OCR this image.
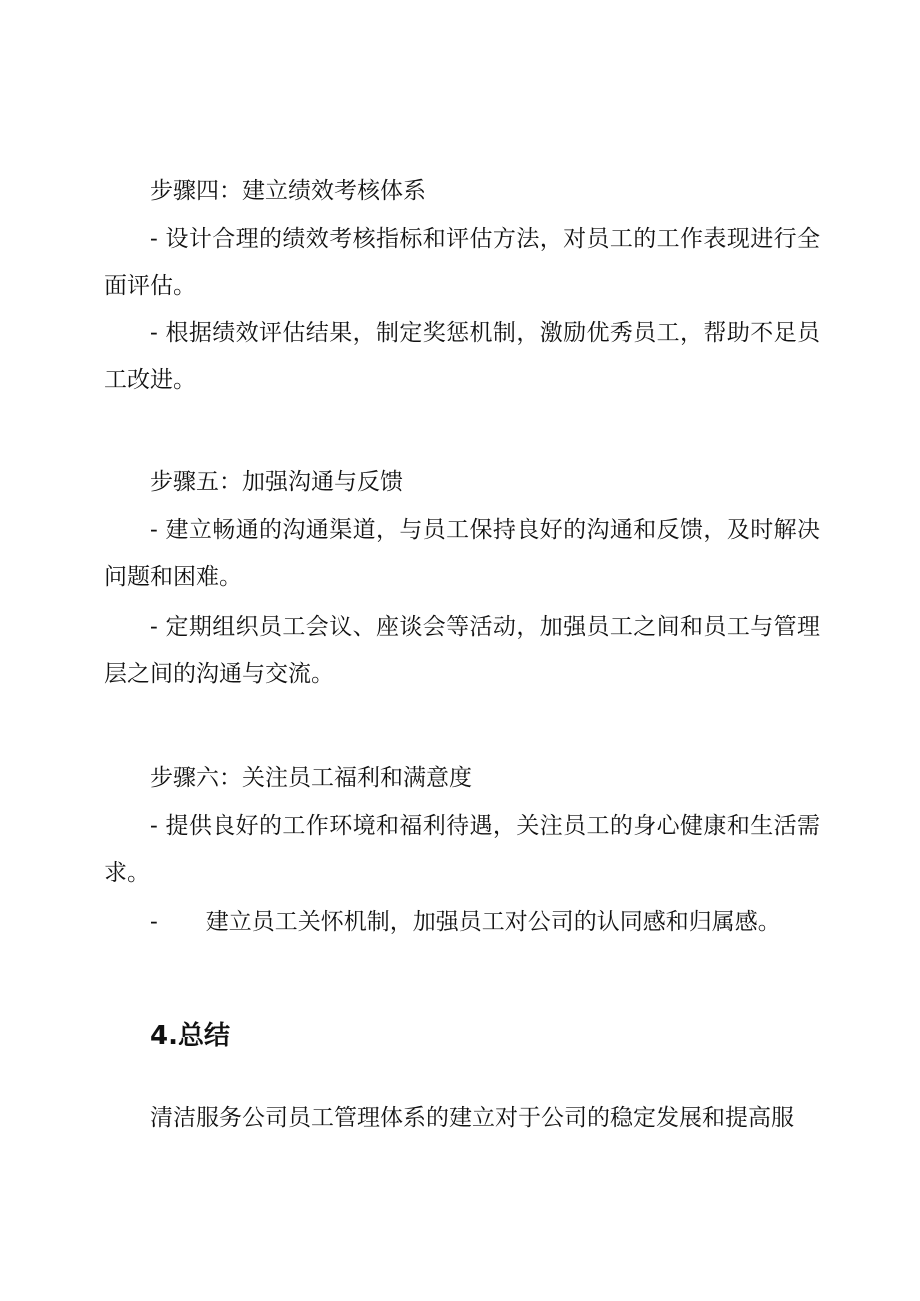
步骤四：建立绩效考核体系

- 设计合理的绩效考核指标和评估方法，对员工的工作表现进行全面评估。

- 根据绩效评估结果，制定奖惩机制，激励优秀员工，帮助不足员工改进。

步骤五：加强沟通与反馈

- 建立畅通的沟通渠道，与员工保持良好的沟通和反馈，及时解决问题和困难。

- 定期组织员工会议、座谈会等活动，加强员工之间和员工与管理层之间的沟通与交流。

步骤六：关注员工福利和满意度

- 提供良好的工作环境和福利待遇，关注员工的身心健康和生活需求。

- 建立员工关怀机制，加强员工对公司的认同感和归属感。

4.总结

清洁服务公司员工管理体系的建立对于公司的稳定发展和提高服
